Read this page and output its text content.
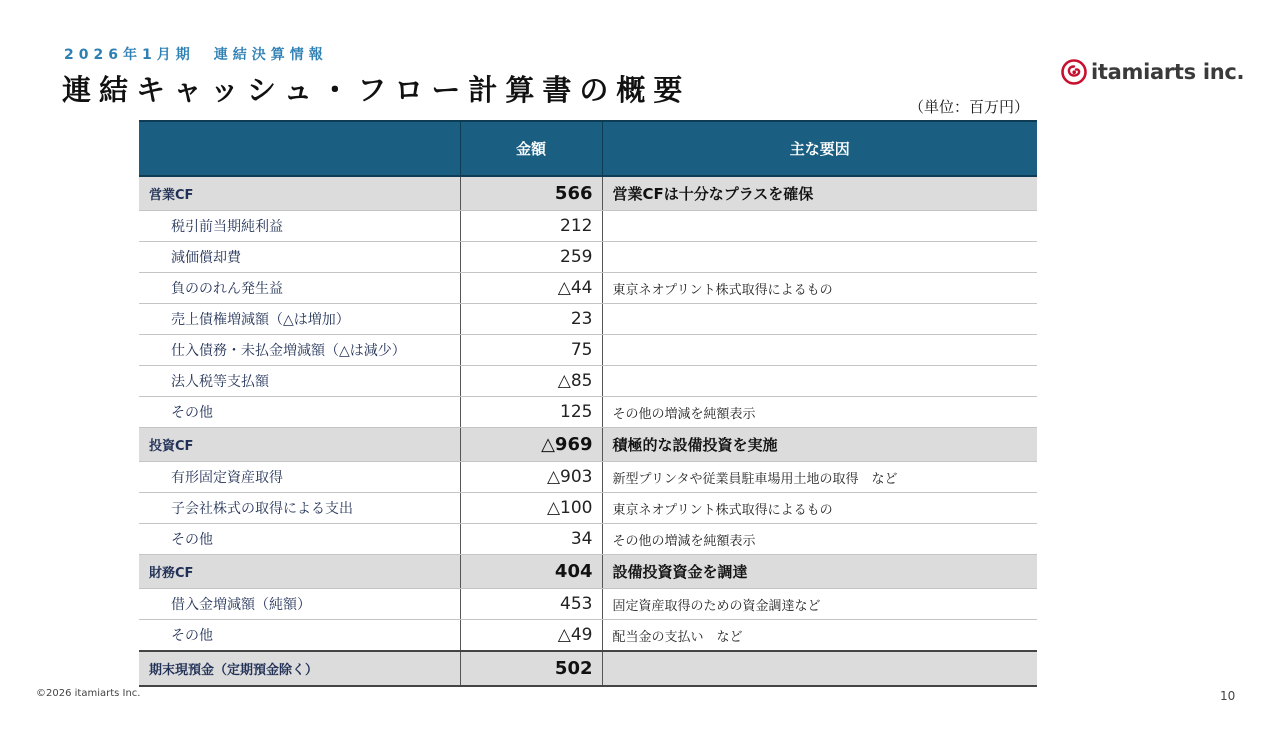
2026年1月期　連結決算情報
連結キャッシュ・フロー計算書の概要
itamiarts inc.
（単位：百万円）
	金額	主な要因
営業CF	566	営業CFは十分なプラスを確保
税引前当期純利益	212	
減価償却費	259	
負ののれん発生益	△44	東京ネオプリント株式取得によるもの
売上債権増減額（△は増加）	23	
仕入債務・未払金増減額（△は減少）	75	
法人税等支払額	△85	
その他	125	その他の増減を純額表示
投資CF	△969	積極的な設備投資を実施
有形固定資産取得	△903	新型プリンタや従業員駐車場用土地の取得　など
子会社株式の取得による支出	△100	東京ネオプリント株式取得によるもの
その他	34	その他の増減を純額表示
財務CF	404	設備投資資金を調達
借入金増減額（純額）	453	固定資産取得のための資金調達など
その他	△49	配当金の支払い　など
期末現預金（定期預金除く）	502	
©2026 itamiarts Inc.	10
